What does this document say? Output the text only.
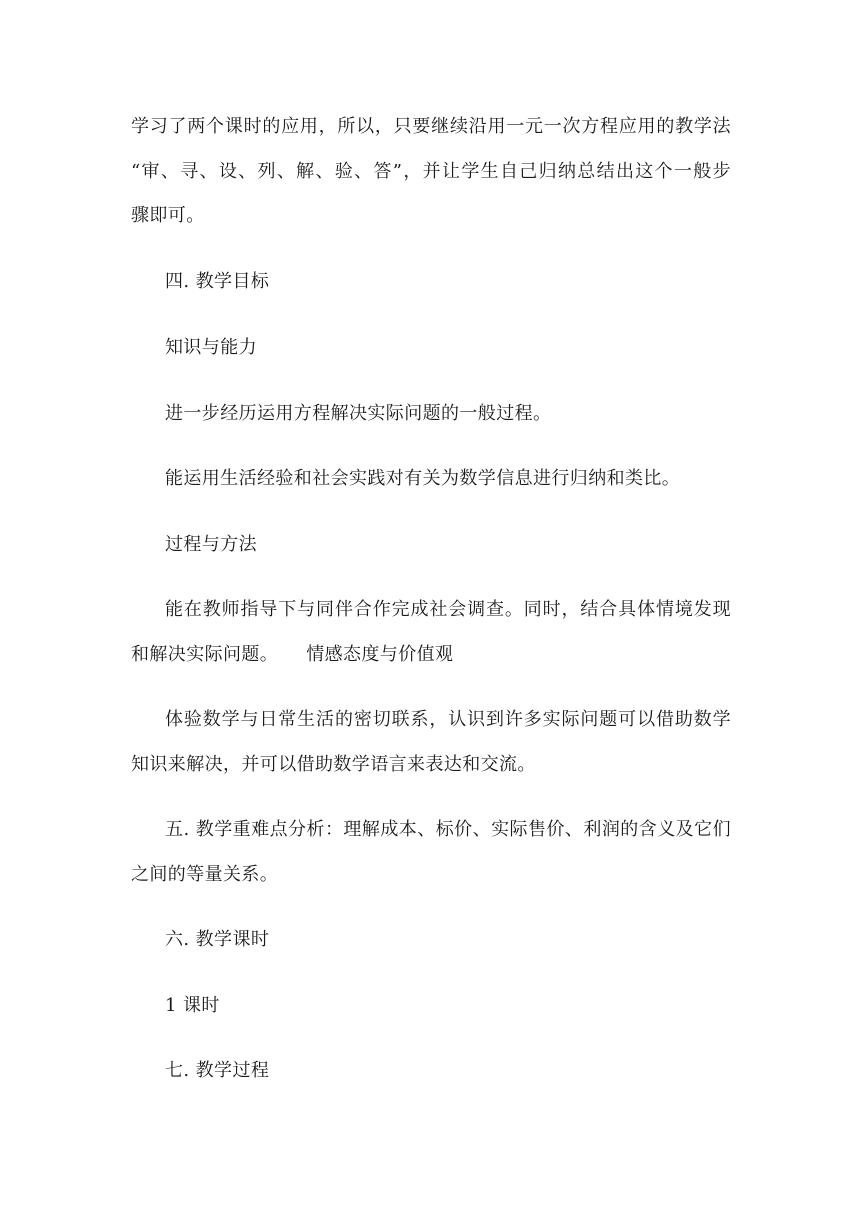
学习了两个课时的应用，所以，只要继续沿用一元一次方程应用的教学法
“审、寻、设、列、解、验、答”，并让学生自己归纳总结出这个一般步
骤即可。
四. 教学目标
知识与能力
进一步经历运用方程解决实际问题的一般过程。
能运用生活经验和社会实践对有关为数学信息进行归纳和类比。
过程与方法
能在教师指导下与同伴合作完成社会调查。同时，结合具体情境发现
和解决实际问题。 情感态度与价值观
体验数学与日常生活的密切联系，认识到许多实际问题可以借助数学
知识来解决，并可以借助数学语言来表达和交流。
五. 教学重难点分析：理解成本、标价、实际售价、利润的含义及它们
之间的等量关系。
六. 教学课时
1 课时
七. 教学过程
